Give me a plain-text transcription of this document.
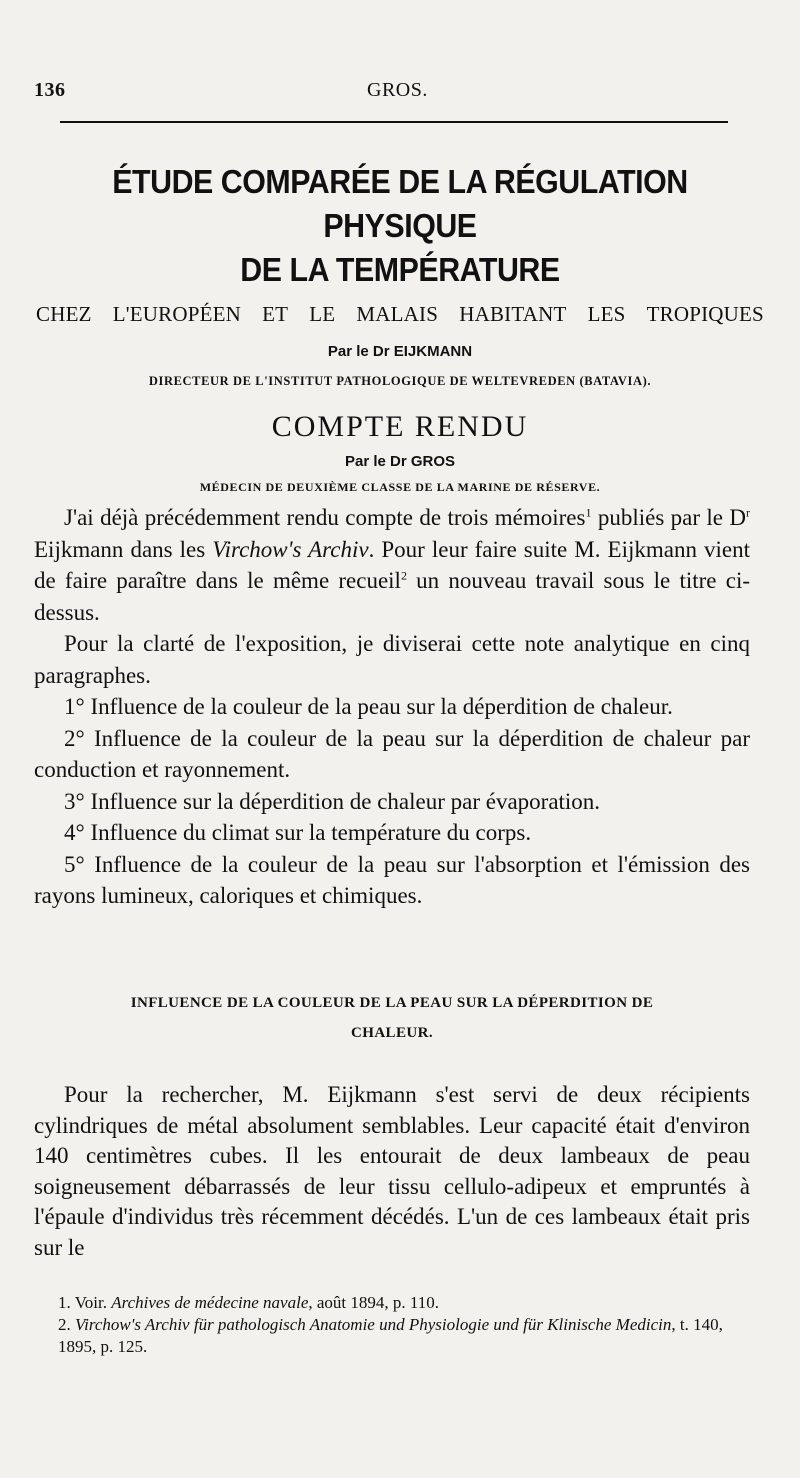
136	GROS.
ÉTUDE COMPARÉE DE LA RÉGULATION PHYSIQUE
DE LA TEMPÉRATURE
CHEZ L'EUROPÉEN ET LE MALAIS HABITANT LES TROPIQUES
Par le Dr EIJKMANN
DIRECTEUR DE L'INSTITUT PATHOLOGIQUE DE WELTEVREDEN (BATAVIA).
COMPTE RENDU
Par le Dr GROS
MÉDECIN DE DEUXIÈME CLASSE DE LA MARINE DE RÉSERVE.

J'ai déjà précédemment rendu compte de trois mémoires$^1$ publiés par le $D^r$ Eijkmann dans les Virchow's Archiv. Pour leur faire suite M. Eijkmann vient de faire paraître dans le même recueil$^2$ un nouveau travail sous le titre ci-dessus.

Pour la clarté de l'exposition, je diviserai cette note analytique en cinq paragraphes.

1° Influence de la couleur de la peau sur la déperdition de chaleur.

2° Influence de la couleur de la peau sur la déperdition de chaleur par conduction et rayonnement.

3° Influence sur la déperdition de chaleur par évaporation.

4° Influence du climat sur la température du corps.

5° Influence de la couleur de la peau sur l'absorption et l'émission des rayons lumineux, caloriques et chimiques.

INFLUENCE DE LA COULEUR DE LA PEAU SUR LA DÉPERDITION DE
CHALEUR.

Pour la rechercher, M. Eijkmann s'est servi de deux récipients cylindriques de métal absolument semblables. Leur capacité était d'environ 140 centimètres cubes. Il les entourait de deux lambeaux de peau soigneusement débarrassés de leur tissu cellulo-adipeux et empruntés à l'épaule d'individus très récemment décédés. L'un de ces lambeaux était pris sur le

1. Voir. Archives de médecine navale, août 1894, p. 110.

2. Virchow's Archiv für pathologisch Anatomie und Physiologie und für Klinische Medicin, t. 140, 1895, p. 125.
